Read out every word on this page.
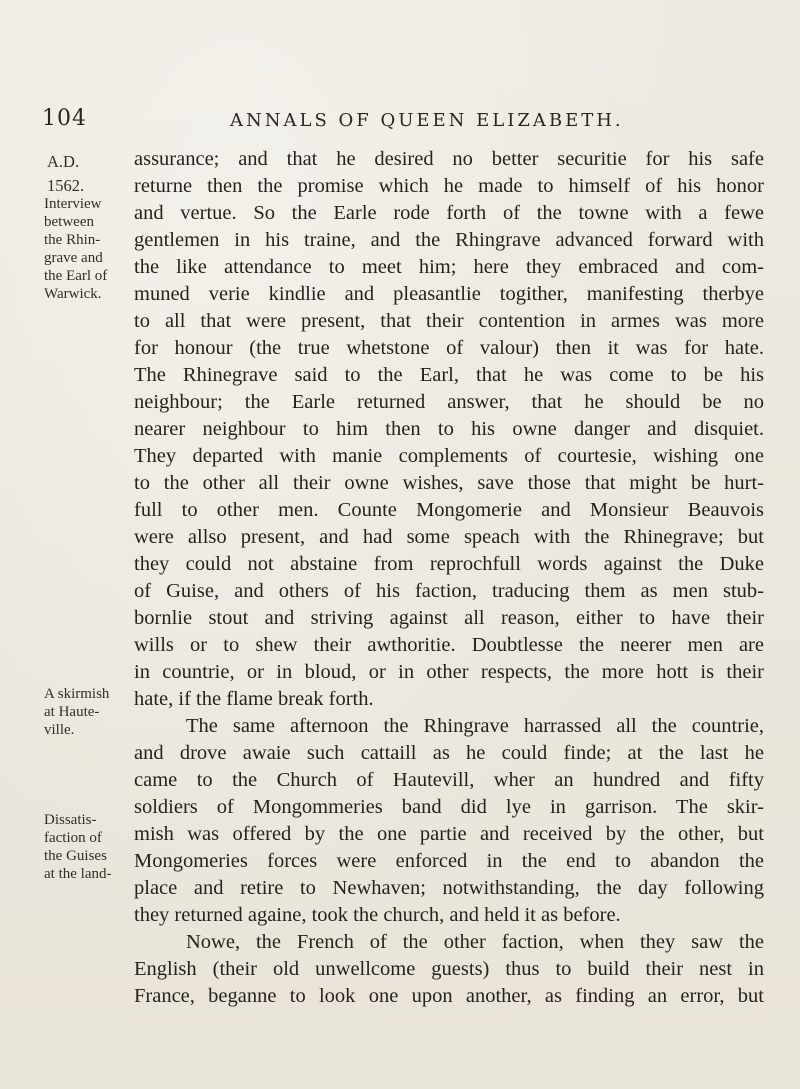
104	ANNALS OF QUEEN ELIZABETH.
A.D.
1562.
Interview
between
the Rhin-
grave and
the Earl of
Warwick.
A skirmish
at Haute-
ville.
Dissatis-
faction of
the Guises
at the land-
assurance; and that he desired no better securitie for his safe
returne then the promise which he made to himself of his honor
and vertue. So the Earle rode forth of the towne with a fewe
gentlemen in his traine, and the Rhingrave advanced forward with
the like attendance to meet him; here they embraced and com-
muned verie kindlie and pleasantlie togither, manifesting therbye
to all that were present, that their contention in armes was more
for honour (the true whetstone of valour) then it was for hate.
The Rhinegrave said to the Earl, that he was come to be his
neighbour; the Earle returned answer, that he should be no
nearer neighbour to him then to his owne danger and disquiet.
They departed with manie complements of courtesie, wishing one
to the other all their owne wishes, save those that might be hurt-
full to other men. Counte Mongomerie and Monsieur Beauvois
were allso present, and had some speach with the Rhinegrave; but
they could not abstaine from reprochfull words against the Duke
of Guise, and others of his faction, traducing them as men stub-
bornlie stout and striving against all reason, either to have their
wills or to shew their awthoritie. Doubtlesse the neerer men are
in countrie, or in bloud, or in other respects, the more hott is their
hate, if the flame break forth.
The same afternoon the Rhingrave harrassed all the countrie,
and drove awaie such cattaill as he could finde; at the last he
came to the Church of Hautevill, wher an hundred and fifty
soldiers of Mongommeries band did lye in garrison. The skir-
mish was offered by the one partie and received by the other, but
Mongomeries forces were enforced in the end to abandon the
place and retire to Newhaven; notwithstanding, the day following
they returned againe, took the church, and held it as before.
Nowe, the French of the other faction, when they saw the
English (their old unwellcome guests) thus to build their nest in
France, beganne to look one upon another, as finding an error, but
